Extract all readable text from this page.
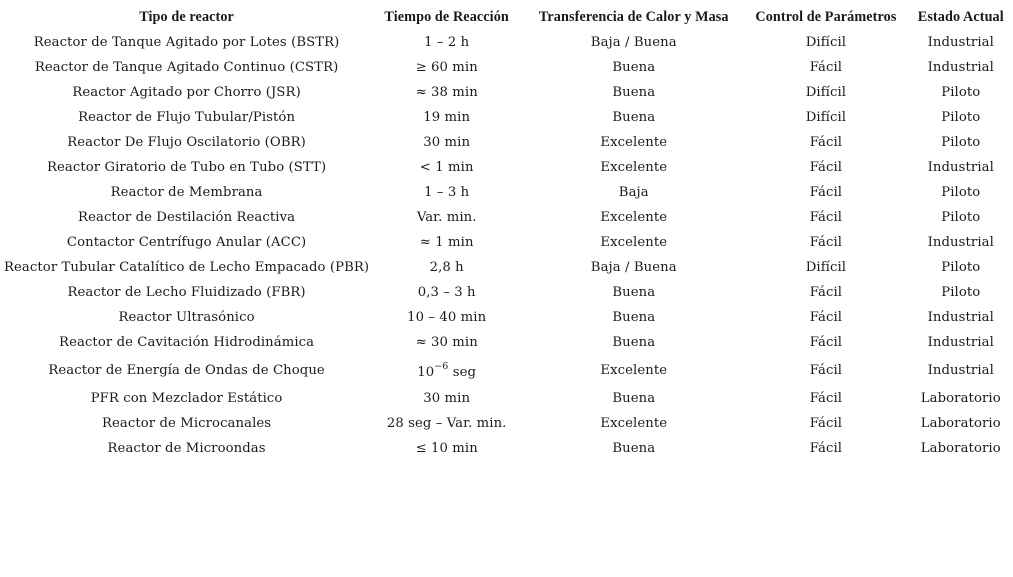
Tipo de reactor	Tiempo de Reacción	Transferencia de Calor y Masa	Control de Parámetros	Estado Actual
Reactor de Tanque Agitado por Lotes (BSTR)	1 – 2 h	Baja / Buena	Difícil	Industrial
Reactor de Tanque Agitado Continuo (CSTR)	≥ 60 min	Buena	Fácil	Industrial
Reactor Agitado por Chorro (JSR)	≈ 38 min	Buena	Difícil	Piloto
Reactor de Flujo Tubular/Pistón	19 min	Buena	Difícil	Piloto
Reactor De Flujo Oscilatorio (OBR)	30 min	Excelente	Fácil	Piloto
Reactor Giratorio de Tubo en Tubo (STT)	< 1 min	Excelente	Fácil	Industrial
Reactor de Membrana	1 – 3 h	Baja	Fácil	Piloto
Reactor de Destilación Reactiva	Var. min.	Excelente	Fácil	Piloto
Contactor Centrífugo Anular (ACC)	≈ 1 min	Excelente	Fácil	Industrial
Reactor Tubular Catalítico de Lecho Empacado (PBR)	2,8 h	Baja / Buena	Difícil	Piloto
Reactor de Lecho Fluidizado (FBR)	0,3 – 3 h	Buena	Fácil	Piloto
Reactor Ultrasónico	10 – 40 min	Buena	Fácil	Industrial
Reactor de Cavitación Hidrodinámica	≈ 30 min	Buena	Fácil	Industrial
Reactor de Energía de Ondas de Choque	$10^{-6}$ seg	Excelente	Fácil	Industrial
PFR con Mezclador Estático	30 min	Buena	Fácil	Laboratorio
Reactor de Microcanales	28 seg – Var. min.	Excelente	Fácil	Laboratorio
Reactor de Microondas	≤ 10 min	Buena	Fácil	Laboratorio
